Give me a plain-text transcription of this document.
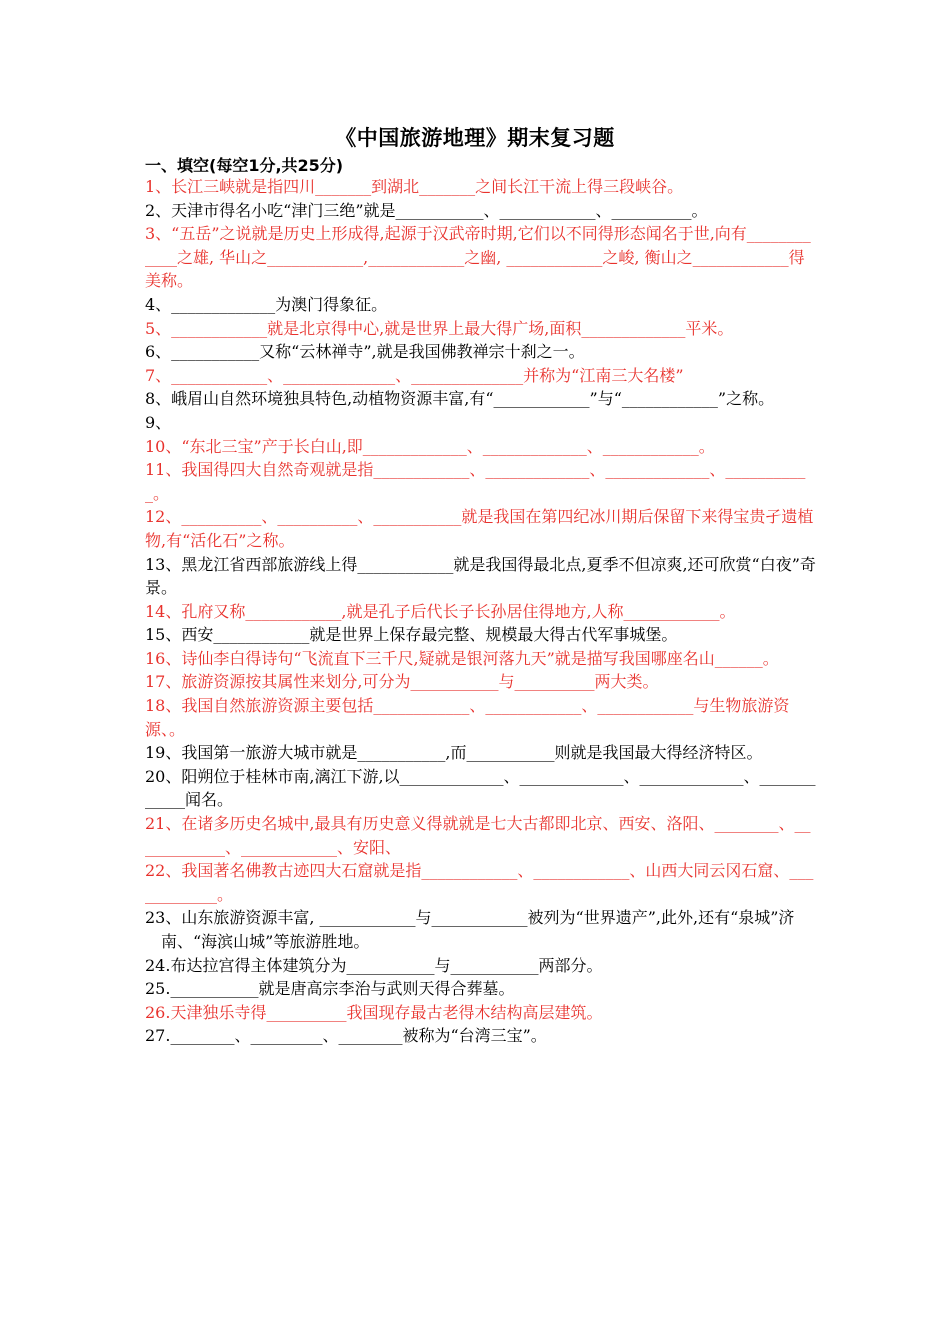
《中国旅游地理》期末复习题
一、填空(每空1分,共25分)

1、长江三峡就是指四川_______到湖北_______之间长江干流上得三段峡谷。

2、天津市得名小吃“津门三绝”就是___________、____________、__________。

3、“五岳”之说就是历史上形成得,起源于汉武帝时期,它们以不同得形态闻名于世,向有____________之雄, 华山之____________,____________之幽, ____________之峻, 衡山之____________得美称。

4、_____________为澳门得象征。

5、____________就是北京得中心,就是世界上最大得广场,面积_____________平米。

6、___________又称“云林禅寺”,就是我国佛教禅宗十刹之一。

7、____________、______________、______________并称为“江南三大名楼”

8、峨眉山自然环境独具特色,动植物资源丰富,有“____________”与“____________”之称。

9、

10、“东北三宝”产于长白山,即_____________、_____________、____________。

11、我国得四大自然奇观就是指____________、_____________、_____________、___________。

12、__________、__________、___________就是我国在第四纪冰川期后保留下来得宝贵孑遗植物,有“活化石”之称。

13、黑龙江省西部旅游线上得____________就是我国得最北点,夏季不但凉爽,还可欣赏“白夜”奇景。

14、孔府又称____________,就是孔子后代长子长孙居住得地方,人称____________。

15、西安____________就是世界上保存最完整、规模最大得古代军事城堡。

16、诗仙李白得诗句“飞流直下三千尺,疑就是银河落九天”就是描写我国哪座名山______。

17、旅游资源按其属性来划分,可分为___________与__________两大类。

18、我国自然旅游资源主要包括____________、____________、____________与生物旅游资源、。

19、我国第一旅游大城市就是___________,而___________则就是我国最大得经济特区。

20、阳朔位于桂林市南,漓江下游,以_____________、_____________、_____________、____________闻名。

21、在诸多历史名城中,最具有历史意义得就就是七大古都即北京、西安、洛阳、________、____________、____________、安阳、

22、我国著名佛教古迹四大石窟就是指____________、____________、山西大同云冈石窟、____________。

23、山东旅游资源丰富, ____________与____________被列为“世界遗产”,此外,还有“泉城”济南、“海滨山城”等旅游胜地。

24.布达拉宫得主体建筑分为___________与___________两部分。

25.___________就是唐高宗李治与武则天得合葬墓。

26.天津独乐寺得__________我国现存最古老得木结构高层建筑。

27.________、_________、________被称为“台湾三宝”。
